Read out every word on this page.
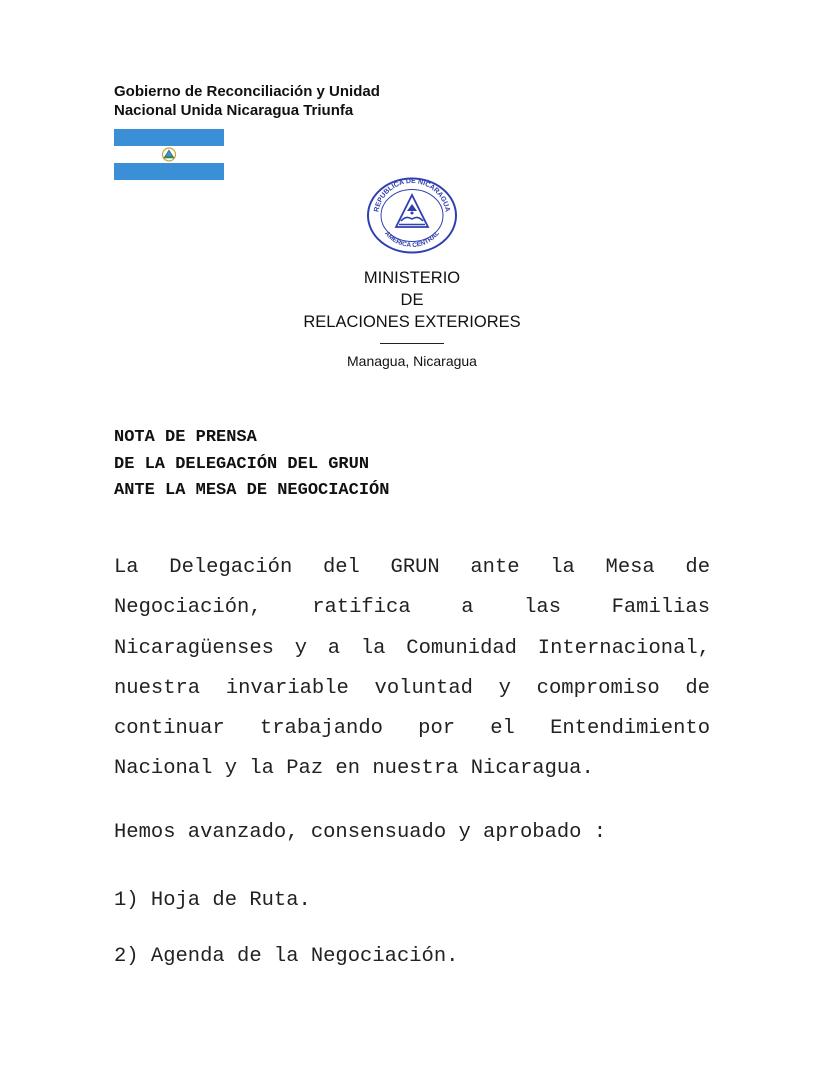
Gobierno de Reconciliación y Unidad
Nacional Unida Nicaragua Triunfa
REPUBLICA DE NICARAGUA
AMERICA CENTRAL
MINISTERIO
DE
RELACIONES EXTERIORES
Managua, Nicaragua
NOTA DE PRENSA
DE LA DELEGACIÓN DEL GRUN
ANTE LA MESA DE NEGOCIACIÓN
La Delegación del GRUN ante la Mesa de Negociación, ratifica a las Familias Nicaragüenses y a la Comunidad Internacional, nuestra invariable voluntad y compromiso de continuar trabajando por el Entendimiento Nacional y la Paz en nuestra Nicaragua.
Hemos avanzado, consensuado y aprobado :
1) Hoja de Ruta.
2) Agenda de la Negociación.
